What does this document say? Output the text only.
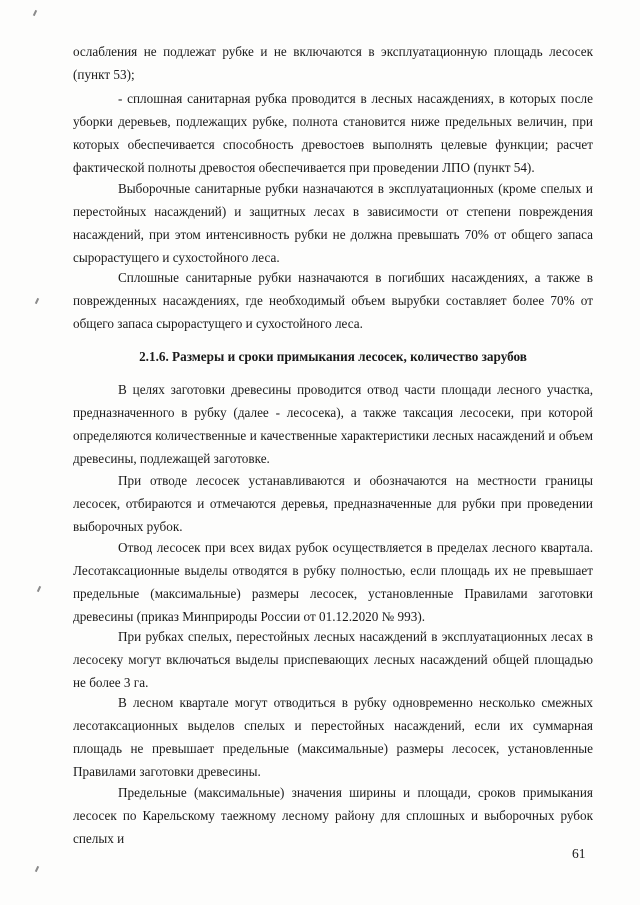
ослабления не подлежат рубке и не включаются в эксплуатационную площадь лесосек (пункт 53);

- сплошная санитарная рубка проводится в лесных насаждениях, в которых после уборки деревьев, подлежащих рубке, полнота становится ниже предельных величин, при которых обеспечивается способность древостоев выполнять целевые функции; расчет фактической полноты древостоя обеспечивается при проведении ЛПО (пункт 54).

Выборочные санитарные рубки назначаются в эксплуатационных (кроме спелых и перестойных насаждений) и защитных лесах в зависимости от степени повреждения насаждений, при этом интенсивность рубки не должна превышать 70% от общего запаса сырорастущего и сухостойного леса.

Сплошные санитарные рубки назначаются в погибших насаждениях, а также в поврежденных насаждениях, где необходимый объем вырубки составляет более 70% от общего запаса сырорастущего и сухостойного леса.

2.1.6. Размеры и сроки примыкания лесосек, количество зарубов

В целях заготовки древесины проводится отвод части площади лесного участка, предназначенного в рубку (далее - лесосека), а также таксация лесосеки, при которой определяются количественные и качественные характеристики лесных насаждений и объем древесины, подлежащей заготовке.

При отводе лесосек устанавливаются и обозначаются на местности границы лесосек, отбираются и отмечаются деревья, предназначенные для рубки при проведении выборочных рубок.

Отвод лесосек при всех видах рубок осуществляется в пределах лесного квартала. Лесотаксационные выделы отводятся в рубку полностью, если площадь их не превышает предельные (максимальные) размеры лесосек, установленные Правилами заготовки древесины (приказ Минприроды России от 01.12.2020 № 993).

При рубках спелых, перестойных лесных насаждений в эксплуатационных лесах в лесосеку могут включаться выделы приспевающих лесных насаждений общей площадью не более 3 га.

В лесном квартале могут отводиться в рубку одновременно несколько смежных лесотаксационных выделов спелых и перестойных насаждений, если их суммарная площадь не превышает предельные (максимальные) размеры лесосек, установленные Правилами заготовки древесины.

Предельные (максимальные) значения ширины и площади, сроков примыкания лесосек по Карельскому таежному лесному району для сплошных и выборочных рубок спелых и

61
